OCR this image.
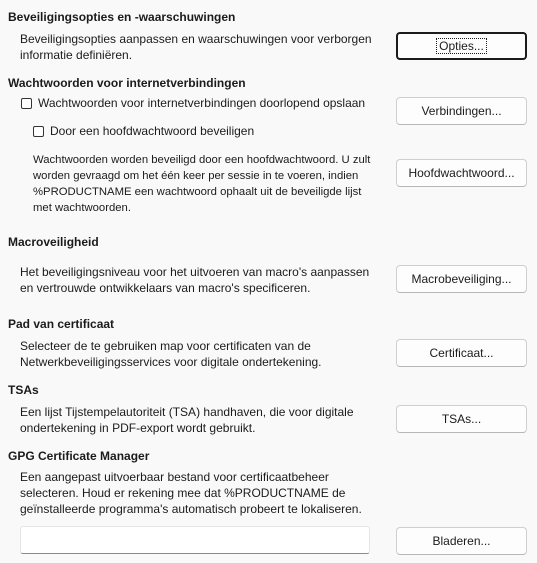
Beveiligingsopties en -waarschuwingen
Beveiligingsopties aanpassen en waarschuwingen voor verborgen
informatie definiëren.
Opties...
Wachtwoorden voor internetverbindingen
Wachtwoorden voor internetverbindingen doorlopend opslaan
Verbindingen...
Door een hoofdwachtwoord beveiligen
Wachtwoorden worden beveiligd door een hoofdwachtwoord. U zult
worden gevraagd om het één keer per sessie in te voeren, indien
%PRODUCTNAME een wachtwoord ophaalt uit de beveiligde lijst
met wachtwoorden.
Hoofdwachtwoord...
Macroveiligheid
Het beveiligingsniveau voor het uitvoeren van macro's aanpassen
en vertrouwde ontwikkelaars van macro's specificeren.
Macrobeveiliging...
Pad van certificaat
Selecteer de te gebruiken map voor certificaten van de
Netwerkbeveiligingsservices voor digitale ondertekening.
Certificaat...
TSAs
Een lijst Tijstempelautoriteit (TSA) handhaven, die voor digitale
ondertekening in PDF-export wordt gebruikt.
TSAs...
GPG Certificate Manager
Een aangepast uitvoerbaar bestand voor certificaatbeheer
selecteren. Houd er rekening mee dat %PRODUCTNAME de
geïnstalleerde programma's automatisch probeert te lokaliseren.
Bladeren...
